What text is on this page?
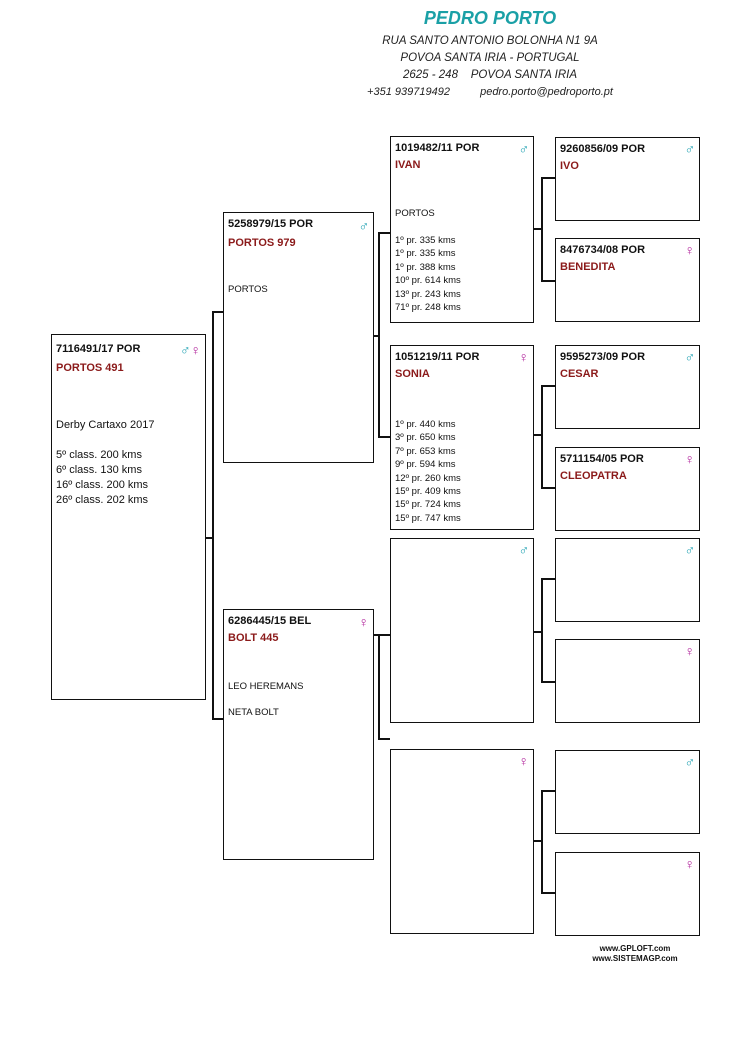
PEDRO PORTO
RUA SANTO ANTONIO BOLONHA N1 9A
POVOA SANTA IRIA - PORTUGAL
2625 - 248    POVOA SANTA IRIA
+351 939719492	pedro.porto@pedroporto.pt
7116491/17 POR	♂♀
PORTOS 491
Derby Cartaxo 2017
5º class. 200 kms
6º class. 130 kms
16º class. 200 kms
26º class. 202 kms
5258979/15 POR	♂
PORTOS 979
PORTOS
6286445/15 BEL	♀
BOLT 445
LEO HEREMANS
NETA BOLT
1019482/11 POR	♂
IVAN
PORTOS
1º pr. 335 kms
1º pr. 335 kms
1º pr. 388 kms
10º pr. 614 kms
13º pr. 243 kms
71º pr. 248 kms
1051219/11 POR	♀
SONIA
1º pr. 440 kms
3º pr. 650 kms
7º pr. 653 kms
9º pr. 594 kms
12º pr. 260 kms
15º pr. 409 kms
15º pr. 724 kms
15º pr. 747 kms
♂
♀
9260856/09 POR	♂
IVO
8476734/08 POR	♀
BENEDITA
9595273/09 POR	♂
CESAR
5711154/05 POR	♀
CLEOPATRA
♂
♀
♂
♀
www.GPLOFT.com
www.SISTEMAGP.com
